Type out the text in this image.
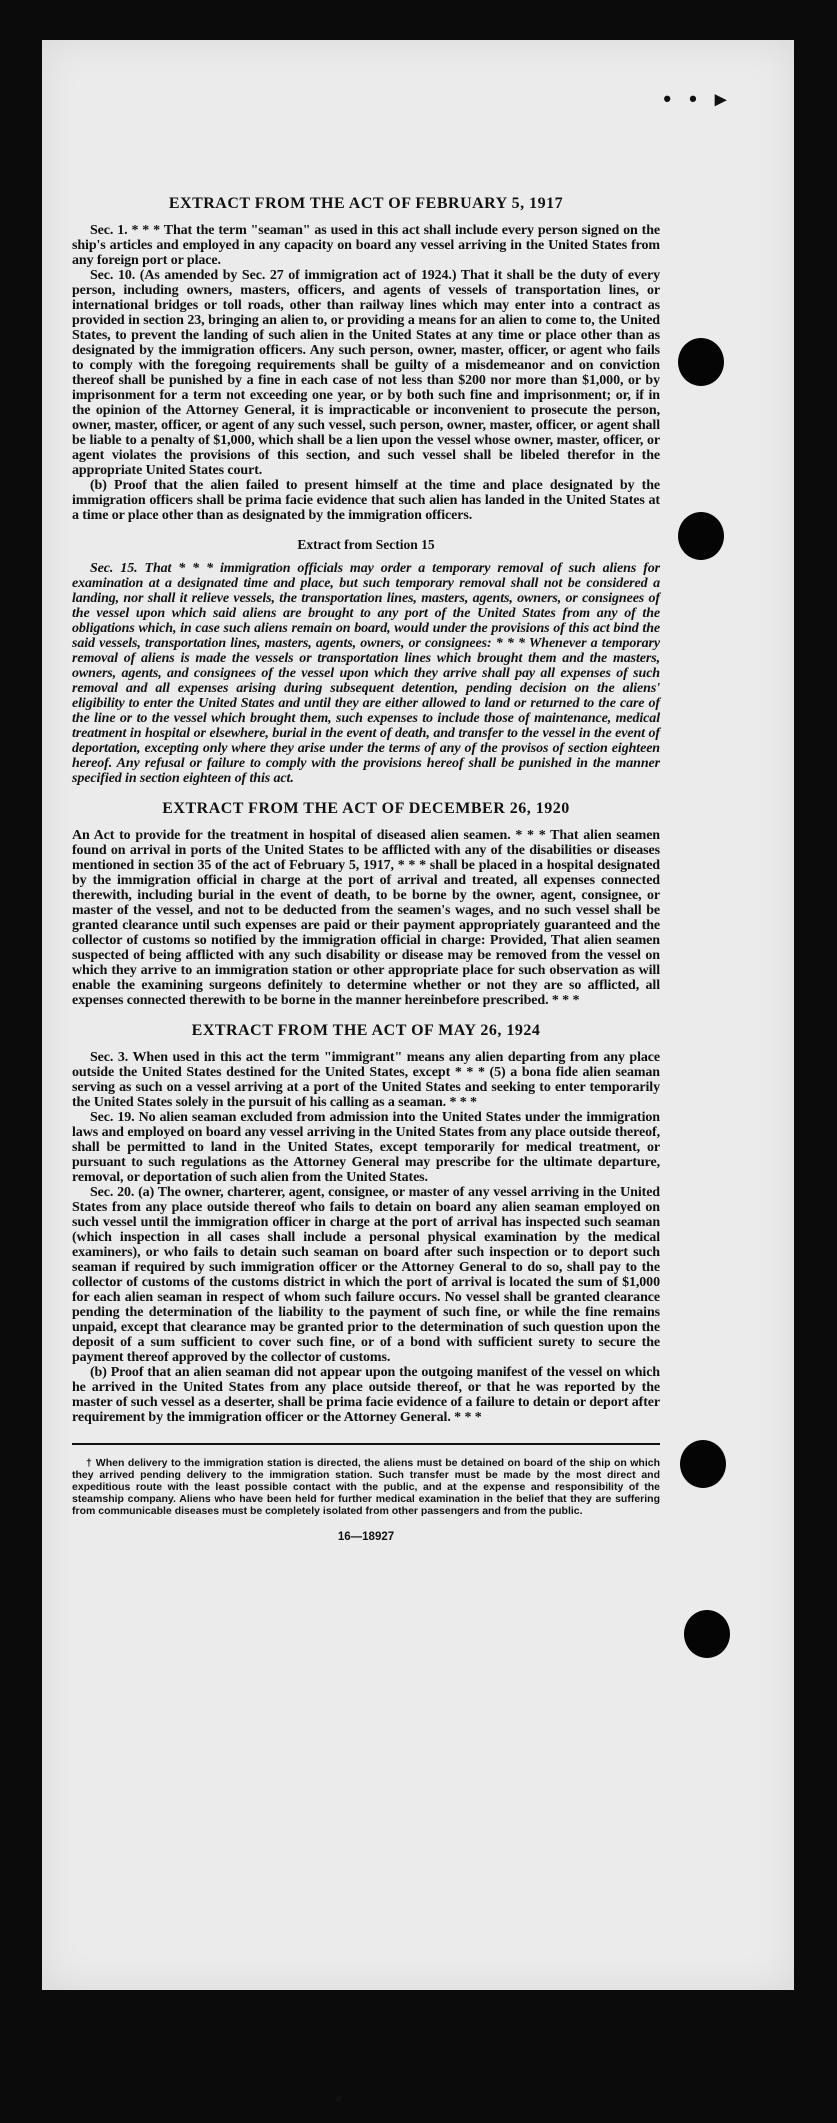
• • ▸
EXTRACT FROM THE ACT OF FEBRUARY 5, 1917

Sec. 1. * * * That the term "seaman" as used in this act shall include every person signed on the ship's articles and employed in any capacity on board any vessel arriving in the United States from any foreign port or place.

Sec. 10. (As amended by Sec. 27 of immigration act of 1924.) That it shall be the duty of every person, including owners, masters, officers, and agents of vessels of transportation lines, or international bridges or toll roads, other than railway lines which may enter into a contract as provided in section 23, bringing an alien to, or providing a means for an alien to come to, the United States, to prevent the landing of such alien in the United States at any time or place other than as designated by the immigration officers. Any such person, owner, master, officer, or agent who fails to comply with the foregoing requirements shall be guilty of a misdemeanor and on conviction thereof shall be punished by a fine in each case of not less than $200 nor more than $1,000, or by imprisonment for a term not exceeding one year, or by both such fine and imprisonment; or, if in the opinion of the Attorney General, it is impracticable or inconvenient to prosecute the person, owner, master, officer, or agent of any such vessel, such person, owner, master, officer, or agent shall be liable to a penalty of $1,000, which shall be a lien upon the vessel whose owner, master, officer, or agent violates the provisions of this section, and such vessel shall be libeled therefor in the appropriate United States court.

(b) Proof that the alien failed to present himself at the time and place designated by the immigration officers shall be prima facie evidence that such alien has landed in the United States at a time or place other than as designated by the immigration officers.

Extract from Section 15

Sec. 15. That * * * immigration officials may order a temporary removal of such aliens for examination at a designated time and place, but such temporary removal shall not be considered a landing, nor shall it relieve vessels, the transportation lines, masters, agents, owners, or consignees of the vessel upon which said aliens are brought to any port of the United States from any of the obligations which, in case such aliens remain on board, would under the provisions of this act bind the said vessels, transportation lines, masters, agents, owners, or consignees: * * * Whenever a temporary removal of aliens is made the vessels or transportation lines which brought them and the masters, owners, agents, and consignees of the vessel upon which they arrive shall pay all expenses of such removal and all expenses arising during subsequent detention, pending decision on the aliens' eligibility to enter the United States and until they are either allowed to land or returned to the care of the line or to the vessel which brought them, such expenses to include those of maintenance, medical treatment in hospital or elsewhere, burial in the event of death, and transfer to the vessel in the event of deportation, excepting only where they arise under the terms of any of the provisos of section eighteen hereof. Any refusal or failure to comply with the provisions hereof shall be punished in the manner specified in section eighteen of this act.

EXTRACT FROM THE ACT OF DECEMBER 26, 1920

An Act to provide for the treatment in hospital of diseased alien seamen. * * * That alien seamen found on arrival in ports of the United States to be afflicted with any of the disabilities or diseases mentioned in section 35 of the act of February 5, 1917, * * * shall be placed in a hospital designated by the immigration official in charge at the port of arrival and treated, all expenses connected therewith, including burial in the event of death, to be borne by the owner, agent, consignee, or master of the vessel, and not to be deducted from the seamen's wages, and no such vessel shall be granted clearance until such expenses are paid or their payment appropriately guaranteed and the collector of customs so notified by the immigration official in charge: Provided, That alien seamen suspected of being afflicted with any such disability or disease may be removed from the vessel on which they arrive to an immigration station or other appropriate place for such observation as will enable the examining surgeons definitely to determine whether or not they are so afflicted, all expenses connected therewith to be borne in the manner hereinbefore prescribed. * * *

EXTRACT FROM THE ACT OF MAY 26, 1924

Sec. 3. When used in this act the term "immigrant" means any alien departing from any place outside the United States destined for the United States, except * * * (5) a bona fide alien seaman serving as such on a vessel arriving at a port of the United States and seeking to enter temporarily the United States solely in the pursuit of his calling as a seaman. * * *

Sec. 19. No alien seaman excluded from admission into the United States under the immigration laws and employed on board any vessel arriving in the United States from any place outside thereof, shall be permitted to land in the United States, except temporarily for medical treatment, or pursuant to such regulations as the Attorney General may prescribe for the ultimate departure, removal, or deportation of such alien from the United States.

Sec. 20. (a) The owner, charterer, agent, consignee, or master of any vessel arriving in the United States from any place outside thereof who fails to detain on board any alien seaman employed on such vessel until the immigration officer in charge at the port of arrival has inspected such seaman (which inspection in all cases shall include a personal physical examination by the medical examiners), or who fails to detain such seaman on board after such inspection or to deport such seaman if required by such immigration officer or the Attorney General to do so, shall pay to the collector of customs of the customs district in which the port of arrival is located the sum of $1,000 for each alien seaman in respect of whom such failure occurs. No vessel shall be granted clearance pending the determination of the liability to the payment of such fine, or while the fine remains unpaid, except that clearance may be granted prior to the determination of such question upon the deposit of a sum sufficient to cover such fine, or of a bond with sufficient surety to secure the payment thereof approved by the collector of customs.

(b) Proof that an alien seaman did not appear upon the outgoing manifest of the vessel on which he arrived in the United States from any place outside thereof, or that he was reported by the master of such vessel as a deserter, shall be prima facie evidence of a failure to detain or deport after requirement by the immigration officer or the Attorney General. * * *

† When delivery to the immigration station is directed, the aliens must be detained on board of the ship on which they arrived pending delivery to the immigration station. Such transfer must be made by the most direct and expeditious route with the least possible contact with the public, and at the expense and responsibility of the steamship company. Aliens who have been held for further medical examination in the belief that they are suffering from communicable diseases must be completely isolated from other passengers and from the public.

16—18927
